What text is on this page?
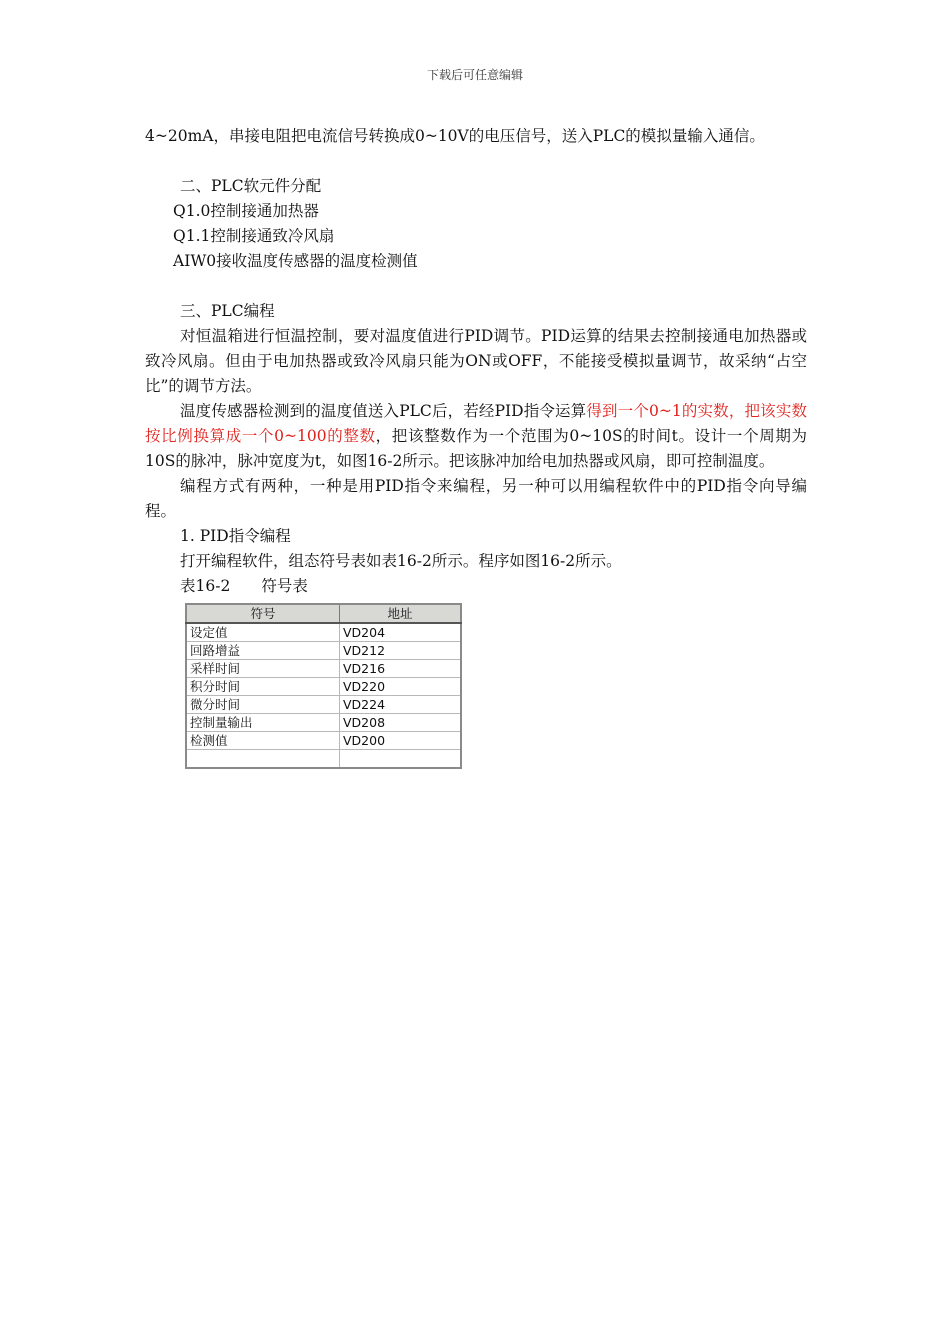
下载后可任意编辑

4~20mA，串接电阻把电流信号转换成0~10V的电压信号，送入PLC的模拟量输入通信。

二、PLC软元件分配

Q1.0控制接通加热器

Q1.1控制接通致冷风扇

AIW0接收温度传感器的温度检测值

三、PLC编程

对恒温箱进行恒温控制，要对温度值进行PID调节。PID运算的结果去控制接通电加热器或致冷风扇。但由于电加热器或致冷风扇只能为ON或OFF，不能接受模拟量调节，故采纳“占空比”的调节方法。

温度传感器检测到的温度值送入PLC后，若经PID指令运算得到一个0~1的实数，把该实数按比例换算成一个0~100的整数，把该整数作为一个范围为0~10S的时间t。设计一个周期为10S的脉冲，脉冲宽度为t，如图16-2所示。把该脉冲加给电加热器或风扇，即可控制温度。

编程方式有两种，一种是用PID指令来编程，另一种可以用编程软件中的PID指令向导编程。

1. PID指令编程

打开编程软件，组态符号表如表16-2所示。程序如图16-2所示。

表16-2　　符号表

符号	地址
设定值	VD204
回路增益	VD212
采样时间	VD216
积分时间	VD220
微分时间	VD224
控制量输出	VD208
检测值	VD200
